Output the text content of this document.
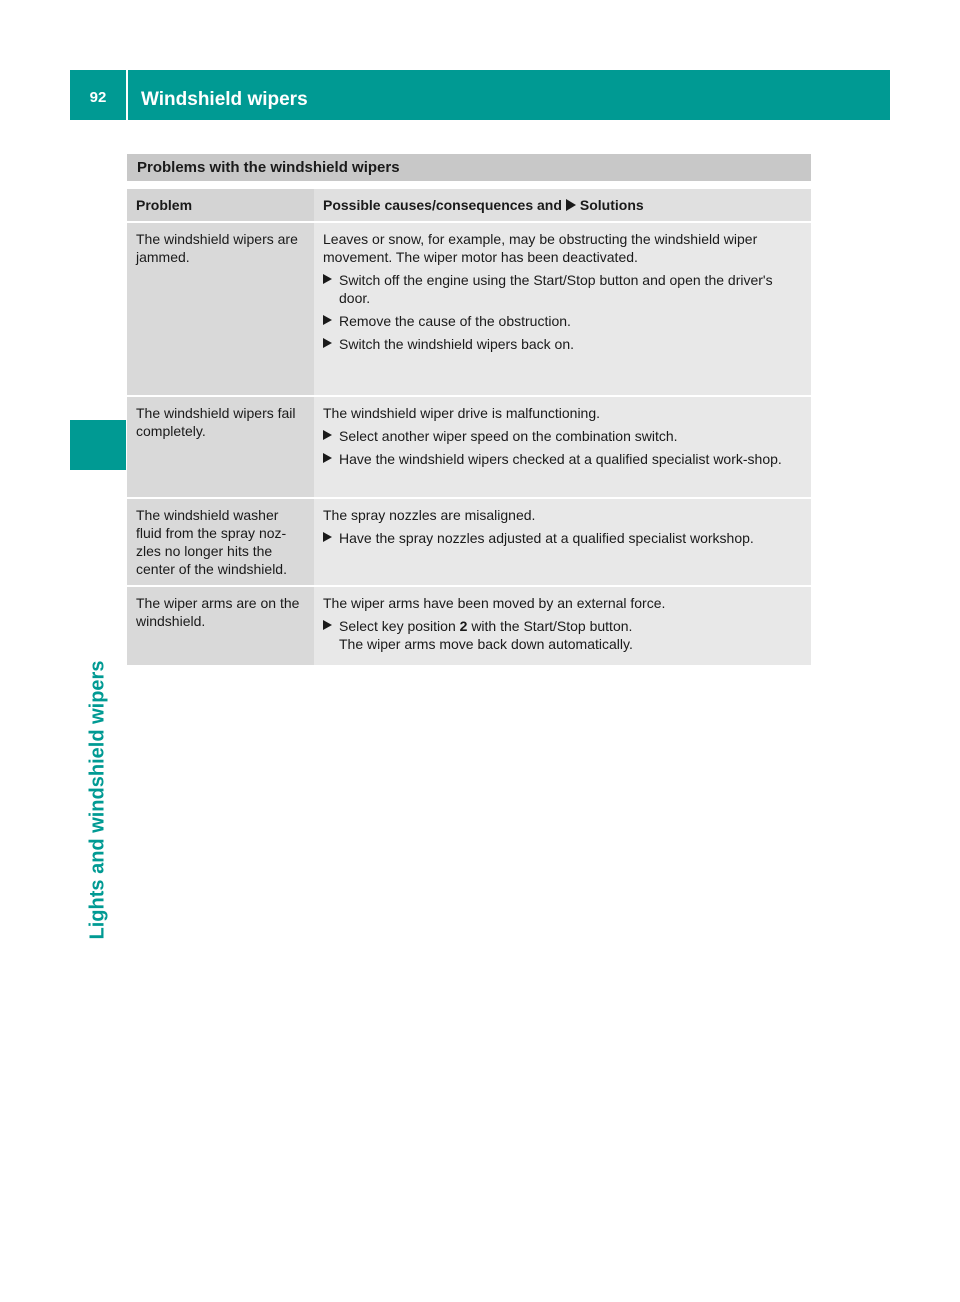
92	Windshield wipers
Lights and windshield wipers
Problems with the windshield wipers
Problem	Possible causes/consequences and Solutions
The windshield wipers are jammed.

Leaves or snow, for example, may be obstructing the windshield wiper movement. The wiper motor has been deactivated.

Switch off the engine using the Start/Stop button and open the driver's door.
Remove the cause of the obstruction.
Switch the windshield wipers back on.
The windshield wipers fail completely.

The windshield wiper drive is malfunctioning.

Select another wiper speed on the combination switch.
Have the windshield wipers checked at a qualified specialist work-shop.
The windshield washer fluid from the spray noz-zles no longer hits the center of the windshield.

The spray nozzles are misaligned.

Have the spray nozzles adjusted at a qualified specialist workshop.
The wiper arms are on the windshield.

The wiper arms have been moved by an external force.

Select key position 2 with the Start/Stop button.
The wiper arms move back down automatically.
